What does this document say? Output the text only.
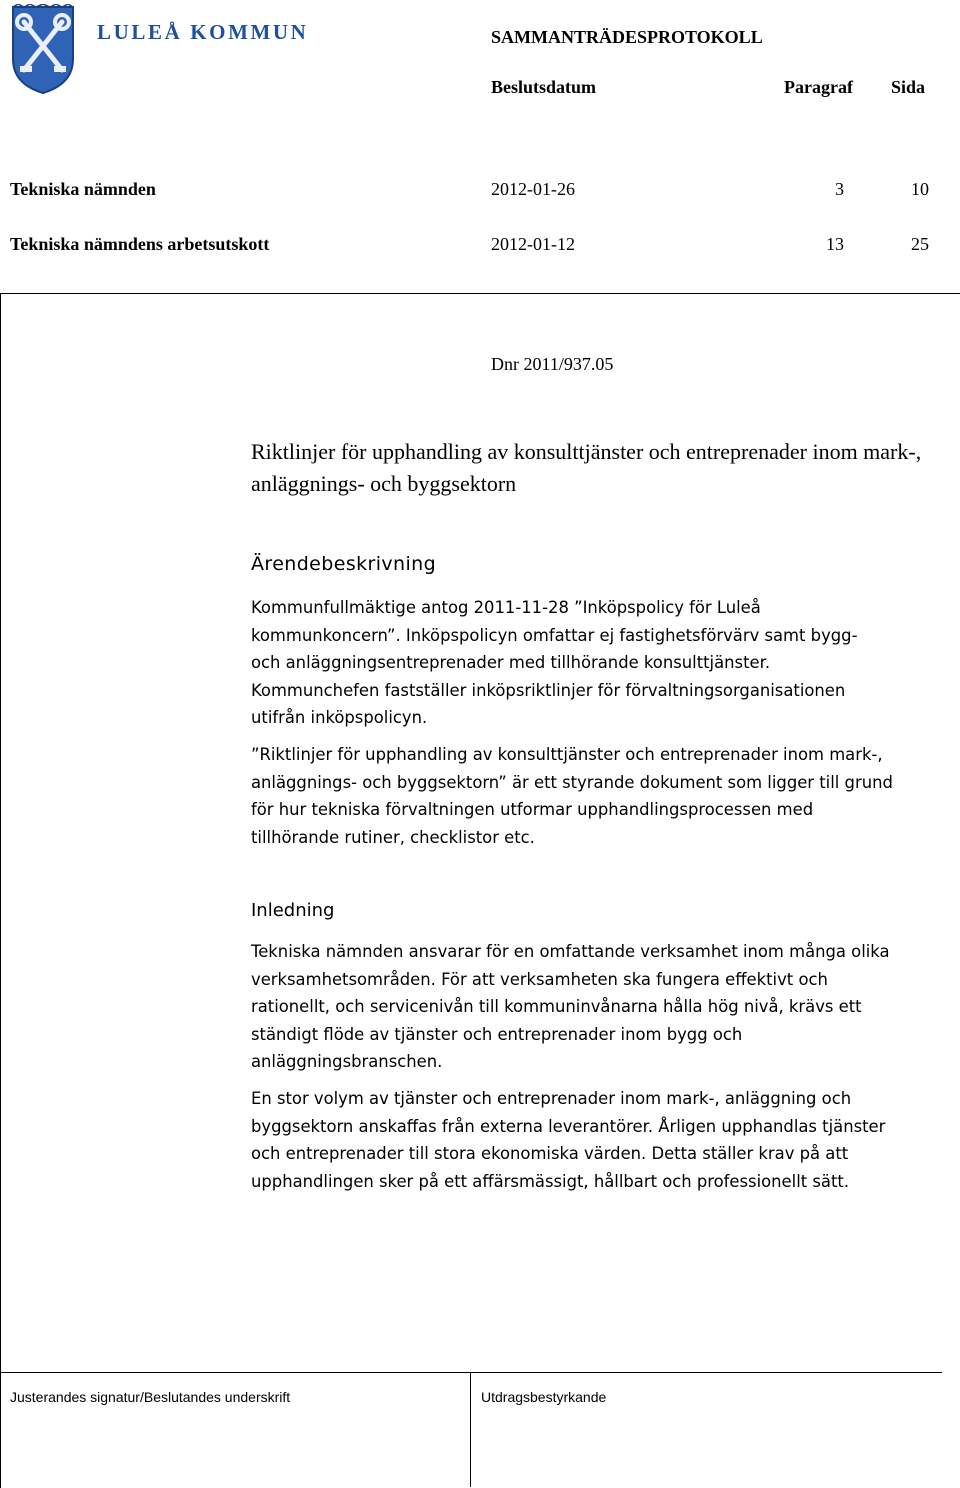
LULEÅ KOMMUN	SAMMANTRÄDESPROTOKOLL
Beslutsdatum	Paragraf Sida
Tekniska nämnden	2012-01-26	3	10
Tekniska nämndens arbetsutskott	2012-01-12	13	25
Dnr 2011/937.05
Riktlinjer för upphandling av konsulttjänster och entreprenader inom mark-, anläggnings- och byggsektorn
Ärendebeskrivning
Kommunfullmäktige antog 2011-11-28 ”Inköpspolicy för Luleå
kommunkoncern”. Inköpspolicyn omfattar ej fastighetsförvärv samt bygg-
och anläggningsentreprenader med tillhörande konsulttjänster.
Kommunchefen fastställer inköpsriktlinjer för förvaltningsorganisationen
utifrån inköpspolicyn.
”Riktlinjer för upphandling av konsulttjänster och entreprenader inom mark-,
anläggnings- och byggsektorn” är ett styrande dokument som ligger till grund
för hur tekniska förvaltningen utformar upphandlingsprocessen med
tillhörande rutiner, checklistor etc.
Inledning
Tekniska nämnden ansvarar för en omfattande verksamhet inom många olika
verksamhetsområden. För att verksamheten ska fungera effektivt och
rationellt, och servicenivån till kommuninvånarna hålla hög nivå, krävs ett
ständigt flöde av tjänster och entreprenader inom bygg och
anläggningsbranschen.
En stor volym av tjänster och entreprenader inom mark-, anläggning och
byggsektorn anskaffas från externa leverantörer. Årligen upphandlas tjänster
och entreprenader till stora ekonomiska värden. Detta ställer krav på att
upphandlingen sker på ett affärsmässigt, hållbart och professionellt sätt.
Justerandes signatur/Beslutandes underskrift	Utdragsbestyrkande
